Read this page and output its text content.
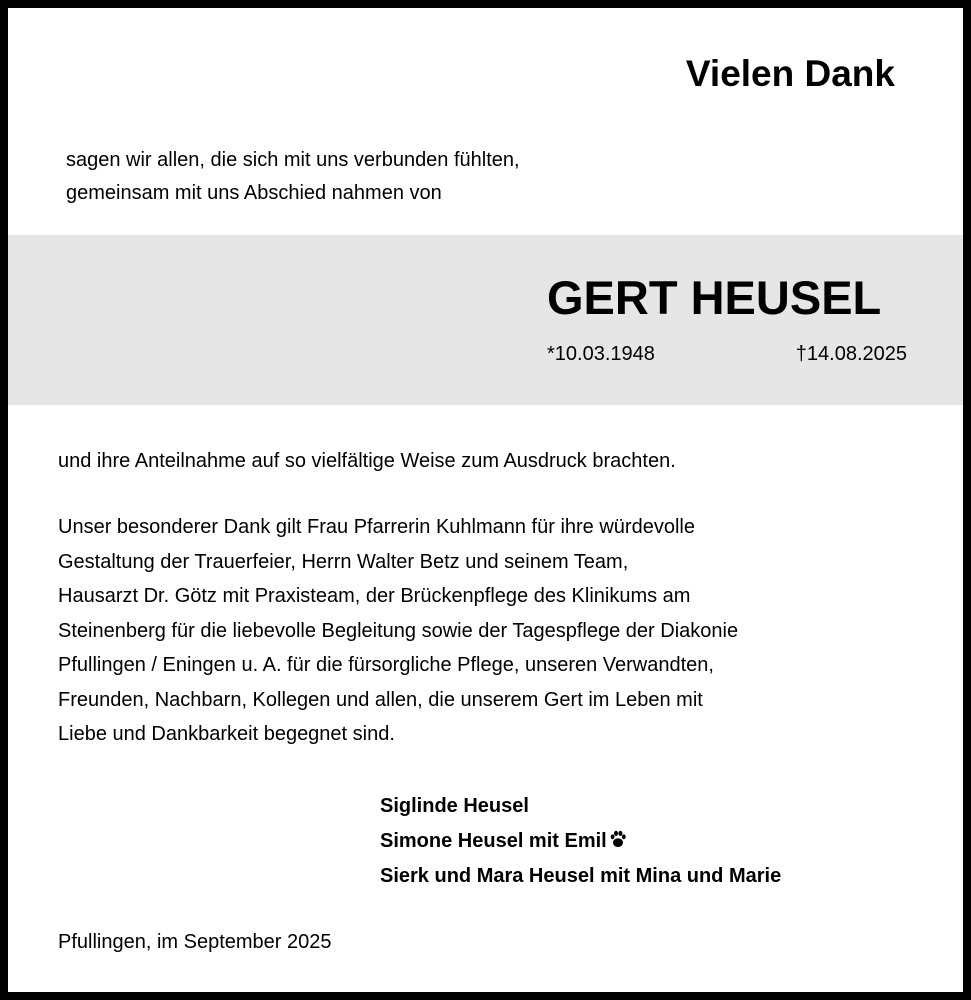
Vielen Dank
sagen wir allen, die sich mit uns verbunden fühlten,
gemeinsam mit uns Abschied nahmen von
GERT HEUSEL
*10.03.1948	†14.08.2025
und ihre Anteilnahme auf so vielfältige Weise zum Ausdruck brachten.
Unser besonderer Dank gilt Frau Pfarrerin Kuhlmann für ihre würdevolle
Gestaltung der Trauerfeier, Herrn Walter Betz und seinem Team,
Hausarzt Dr. Götz mit Praxisteam, der Brückenpflege des Klinikums am
Steinenberg für die liebevolle Begleitung sowie der Tagespflege der Diakonie
Pfullingen / Eningen u. A. für die fürsorgliche Pflege, unseren Verwandten,
Freunden, Nachbarn, Kollegen und allen, die unserem Gert im Leben mit
Liebe und Dankbarkeit begegnet sind.
Siglinde Heusel
Simone Heusel mit Emil
Sierk und Mara Heusel mit Mina und Marie
Pfullingen, im September 2025
